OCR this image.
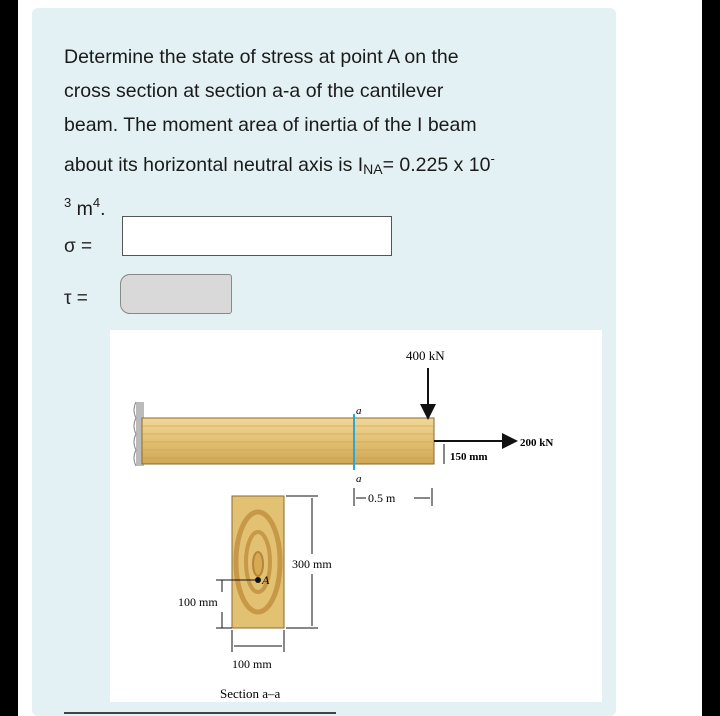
Determine the state of stress at point A on the
cross section at section a-a of the cantilever
beam. The moment area of inertia of the I beam
about its horizontal neutral axis is $I_{NA}= 0.225$ x 10-
$^3$ $m^4$.
σ =
τ =
a
a
400 kN
200 kN
150 mm
0.5 m
A
300 mm
100 mm
100 mm
Section a–a
